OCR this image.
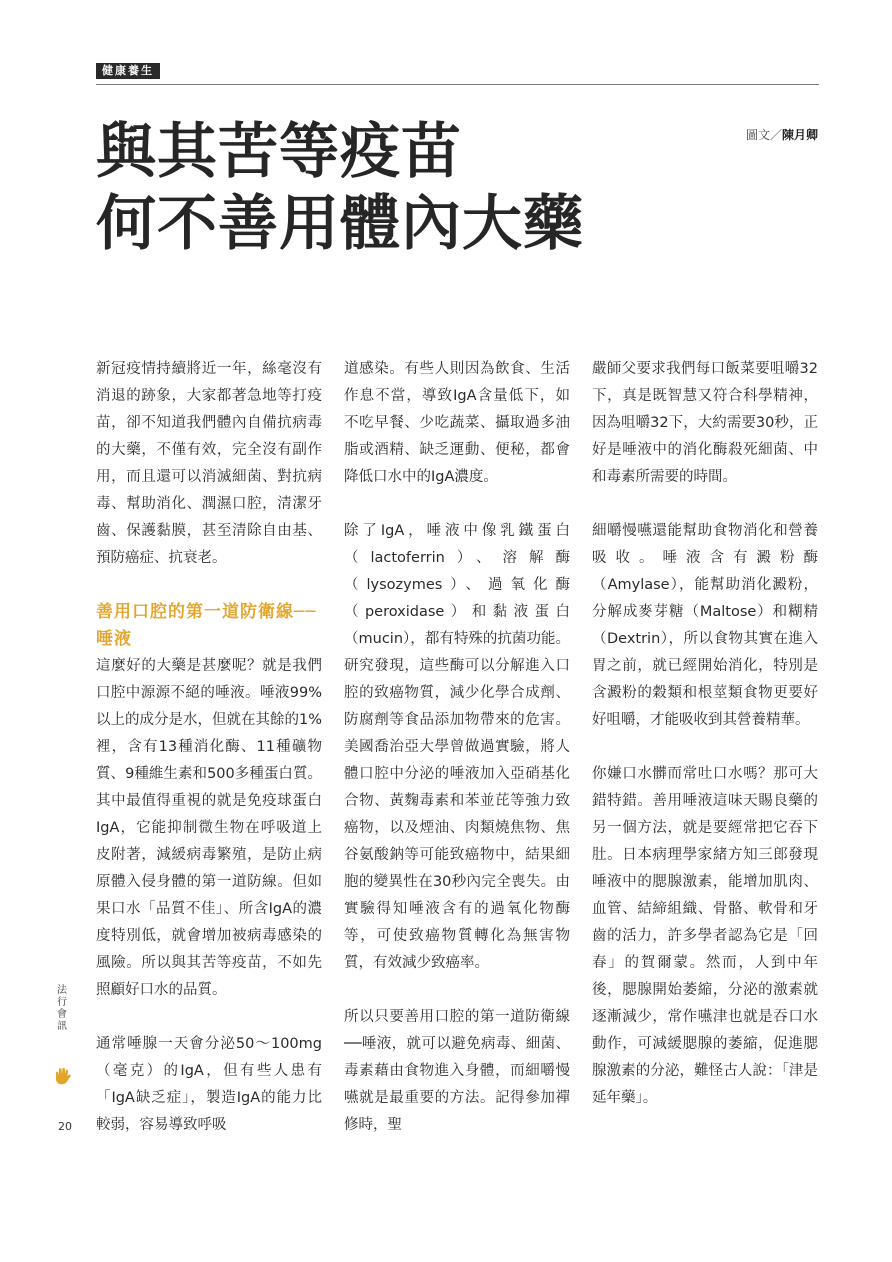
健康養生
與其苦等疫苗
何不善用體內大藥
圖文／陳月卿

新冠疫情持續將近一年，絲毫沒有消退的跡象，大家都著急地等打疫苗，卻不知道我們體內自備抗病毒的大藥，不僅有效，完全沒有副作用，而且還可以消滅細菌、對抗病毒、幫助消化、潤濕口腔，清潔牙齒、保護黏膜，甚至清除自由基、預防癌症、抗衰老。

善用口腔的第一道防衛線──唾液

這麼好的大藥是甚麼呢？就是我們口腔中源源不絕的唾液。唾液99%以上的成分是水，但就在其餘的1%裡，含有13種消化酶、11種礦物質、9種維生素和500多種蛋白質。其中最值得重視的就是免疫球蛋白IgA，它能抑制微生物在呼吸道上皮附著，減緩病毒繁殖，是防止病原體入侵身體的第一道防線。但如果口水「品質不佳」、所含IgA的濃度特別低，就會增加被病毒感染的風險。所以與其苦等疫苗，不如先照顧好口水的品質。

通常唾腺一天會分泌50～100mg（毫克）的IgA，但有些人患有「IgA缺乏症」，製造IgA的能力比較弱，容易導致呼吸

道感染。有些人則因為飲食、生活作息不當，導致IgA含量低下，如不吃早餐、少吃蔬菜、攝取過多油脂或酒精、缺乏運動、便秘，都會降低口水中的IgA濃度。

除了IgA，唾液中像乳鐵蛋白（lactoferrin）、溶解酶（lysozymes）、過氧化酶（peroxidase）和黏液蛋白（mucin），都有特殊的抗菌功能。研究發現，這些酶可以分解進入口腔的致癌物質，減少化學合成劑、防腐劑等食品添加物帶來的危害。美國喬治亞大學曾做過實驗，將人體口腔中分泌的唾液加入亞硝基化合物、黃麴毒素和苯並芘等強力致癌物，以及煙油、肉類燒焦物、焦谷氨酸鈉等可能致癌物中，結果細胞的變異性在30秒內完全喪失。由實驗得知唾液含有的過氧化物酶等，可使致癌物質轉化為無害物質，有效減少致癌率。

所以只要善用口腔的第一道防衛線──唾液，就可以避免病毒、細菌、毒素藉由食物進入身體，而細嚼慢嚥就是最重要的方法。記得參加禪修時，聖

嚴師父要求我們每口飯菜要咀嚼32下，真是既智慧又符合科學精神，因為咀嚼32下，大約需要30秒，正好是唾液中的消化酶殺死細菌、中和毒素所需要的時間。

細嚼慢嚥還能幫助食物消化和營養吸收。唾液含有澱粉酶（Amylase），能幫助消化澱粉，分解成麥芽糖（Maltose）和糊精（Dextrin），所以食物其實在進入胃之前，就已經開始消化，特別是含澱粉的穀類和根莖類食物更要好好咀嚼，才能吸收到其營養精華。

你嫌口水髒而常吐口水嗎？那可大錯特錯。善用唾液這味天賜良藥的另一個方法，就是要經常把它吞下肚。日本病理學家緒方知三郎發現唾液中的腮腺激素，能增加肌肉、血管、結締組織、骨骼、軟骨和牙齒的活力，許多學者認為它是「回春」的賀爾蒙。然而，人到中年後，腮腺開始萎縮，分泌的激素就逐漸減少，常作嚥津也就是吞口水動作，可減緩腮腺的萎縮，促進腮腺激素的分泌，難怪古人說：「津是延年藥」。

法
行
會
訊
20
